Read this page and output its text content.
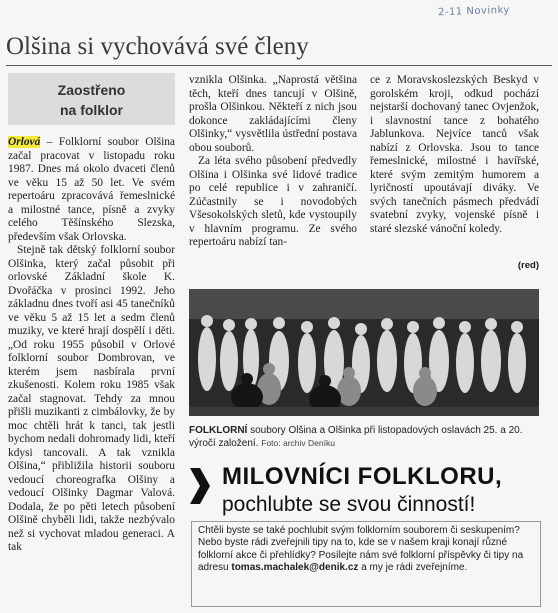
2-11 Novinky
Olšina si vychovává své členy
Zaostřeno
na folklor

Orlová – Folklorní soubor Olšina začal pracovat v listopadu roku 1987. Dnes má okolo dvaceti členů ve věku 15 až 50 let. Ve svém repertoáru zpracovává řemeslnické a milostné tance, písně a zvyky celého Těšínského Slezska, především však Orlovska.

Stejně tak dětský folklorní soubor Olšinka, který začal působit při orlovské Základní škole K. Dvořáčka v prosinci 1992. Jeho základnu dnes tvoří asi 45 tanečníků ve věku 5 až 15 let a sedm členů muziky, ve které hrají dospělí i děti. „Od roku 1955 působil v Orlové folklorní soubor Dombrovan, ve kterém jsem nasbírala první zkušenosti. Kolem roku 1985 však začal stagnovat. Tehdy za mnou přišli muzikanti z cimbálovky, že by moc chtěli hrát k tanci, tak jestli bychom nedali dohromady lidi, kteří kdysi tancovali. A tak vznikla Olšina,“ přibližila historii souboru vedoucí choreografka Olšiny a vedoucí Olšinky Dagmar Valová. Dodala, že po pěti letech působení Olšině chyběli lidi, takže nezbývalo než si vychovat mladou generaci. A tak

vznikla Olšinka. „Naprostá většina těch, kteří dnes tancují v Olšině, prošla Olšinkou. Někteří z nich jsou dokonce zakládajícími členy Olšinky,“ vysvětlila ústřední postava obou souborů.

Za léta svého působení předvedly Olšina i Olšinka své lidové tradice po celé republice i v zahraničí. Zúčastnily se i novodobých Všesokolských sletů, kde vystoupily v hlavním programu. Ze svého repertoáru nabízí tan-

ce z Moravskoslezských Beskyd v gorolském kroji, odkud pochází nejstarší dochovaný tanec Ovjenžok, i slavnostní tance z bohatého Jablunkova. Nejvíce tanců však nabízí z Orlovska. Jsou to tance řemeslnické, milostné i havířské, které svým zemitým humorem a lyričností upoutávají diváky. Ve svých tanečních pásmech předvádí svatební zvyky, vojenské písně i staré slezské vánoční koledy.

(red)
FOLKLORNÍ soubory Olšina a Olšinka při listopadových oslavách 25. a 20. výročí založení. Foto: archiv Deníku
MILOVNÍCI FOLKLORU,
pochlubte se svou činností!
Chtěli byste se také pochlubit svým folklorním souborem či seskupením? Nebo byste rádi zveřejnili tipy na to, kde se v našem kraji konají různé folklorní akce či přehlídky? Posílejte nám své folklorní příspěvky či tipy na adresu tomas.machalek@denik.cz a my je rádi zveřejníme.
